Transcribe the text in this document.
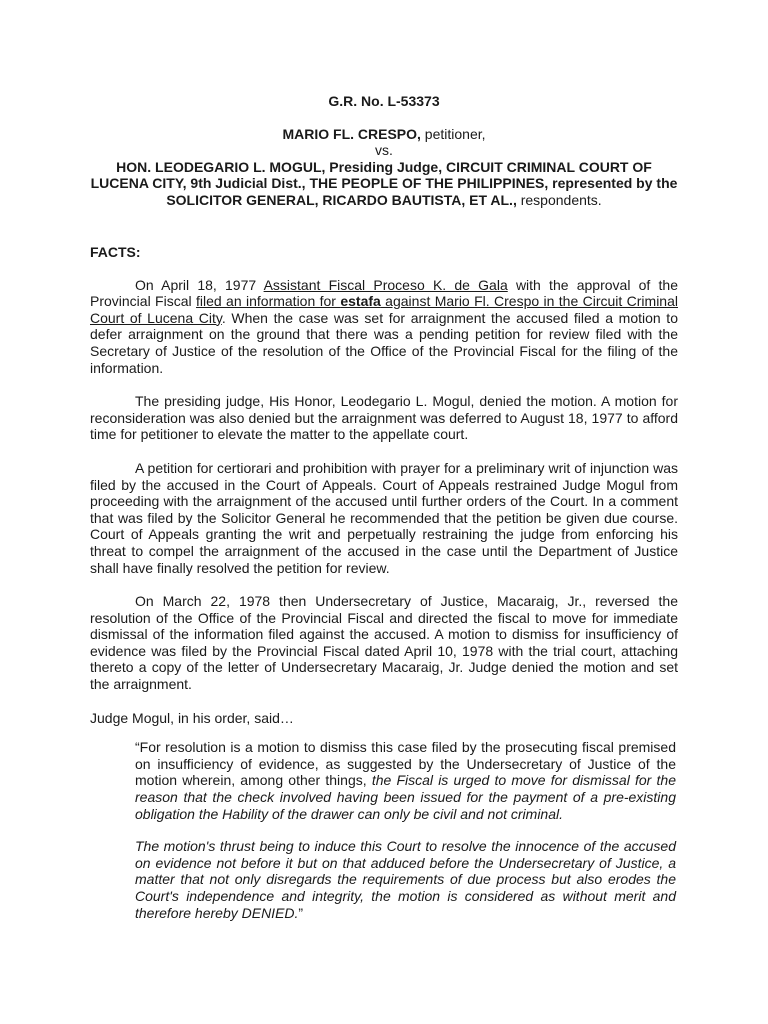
G.R. No. L-53373

MARIO FL. CRESPO, petitioner,

vs.

HON. LEODEGARIO L. MOGUL, Presiding Judge, CIRCUIT CRIMINAL COURT OF LUCENA CITY, 9th Judicial Dist., THE PEOPLE OF THE PHILIPPINES, represented by the SOLICITOR GENERAL, RICARDO BAUTISTA, ET AL., respondents.

FACTS:

On April 18, 1977 Assistant Fiscal Proceso K. de Gala with the approval of the Provincial Fiscal filed an information for estafa against Mario Fl. Crespo in the Circuit Criminal Court of Lucena City. When the case was set for arraignment the accused filed a motion to defer arraignment on the ground that there was a pending petition for review filed with the Secretary of Justice of the resolution of the Office of the Provincial Fiscal for the filing of the information.

The presiding judge, His Honor, Leodegario L. Mogul, denied the motion. A motion for reconsideration was also denied but the arraignment was deferred to August 18, 1977 to afford time for petitioner to elevate the matter to the appellate court.

A petition for certiorari and prohibition with prayer for a preliminary writ of injunction was filed by the accused in the Court of Appeals. Court of Appeals restrained Judge Mogul from proceeding with the arraignment of the accused until further orders of the Court. In a comment that was filed by the Solicitor General he recommended that the petition be given due course. Court of Appeals granting the writ and perpetually restraining the judge from enforcing his threat to compel the arraignment of the accused in the case until the Department of Justice shall have finally resolved the petition for review.

On March 22, 1978 then Undersecretary of Justice, Macaraig, Jr., reversed the resolution of the Office of the Provincial Fiscal and directed the fiscal to move for immediate dismissal of the information filed against the accused. A motion to dismiss for insufficiency of evidence was filed by the Provincial Fiscal dated April 10, 1978 with the trial court, attaching thereto a copy of the letter of Undersecretary Macaraig, Jr. Judge denied the motion and set the arraignment.

Judge Mogul, in his order, said…

“For resolution is a motion to dismiss this case filed by the prosecuting fiscal premised on insufficiency of evidence, as suggested by the Undersecretary of Justice of the motion wherein, among other things, the Fiscal is urged to move for dismissal for the reason that the check involved having been issued for the payment of a pre-existing obligation the Hability of the drawer can only be civil and not criminal.

The motion's thrust being to induce this Court to resolve the innocence of the accused on evidence not before it but on that adduced before the Undersecretary of Justice, a matter that not only disregards the requirements of due process but also erodes the Court's independence and integrity, the motion is considered as without merit and therefore hereby DENIED.”
